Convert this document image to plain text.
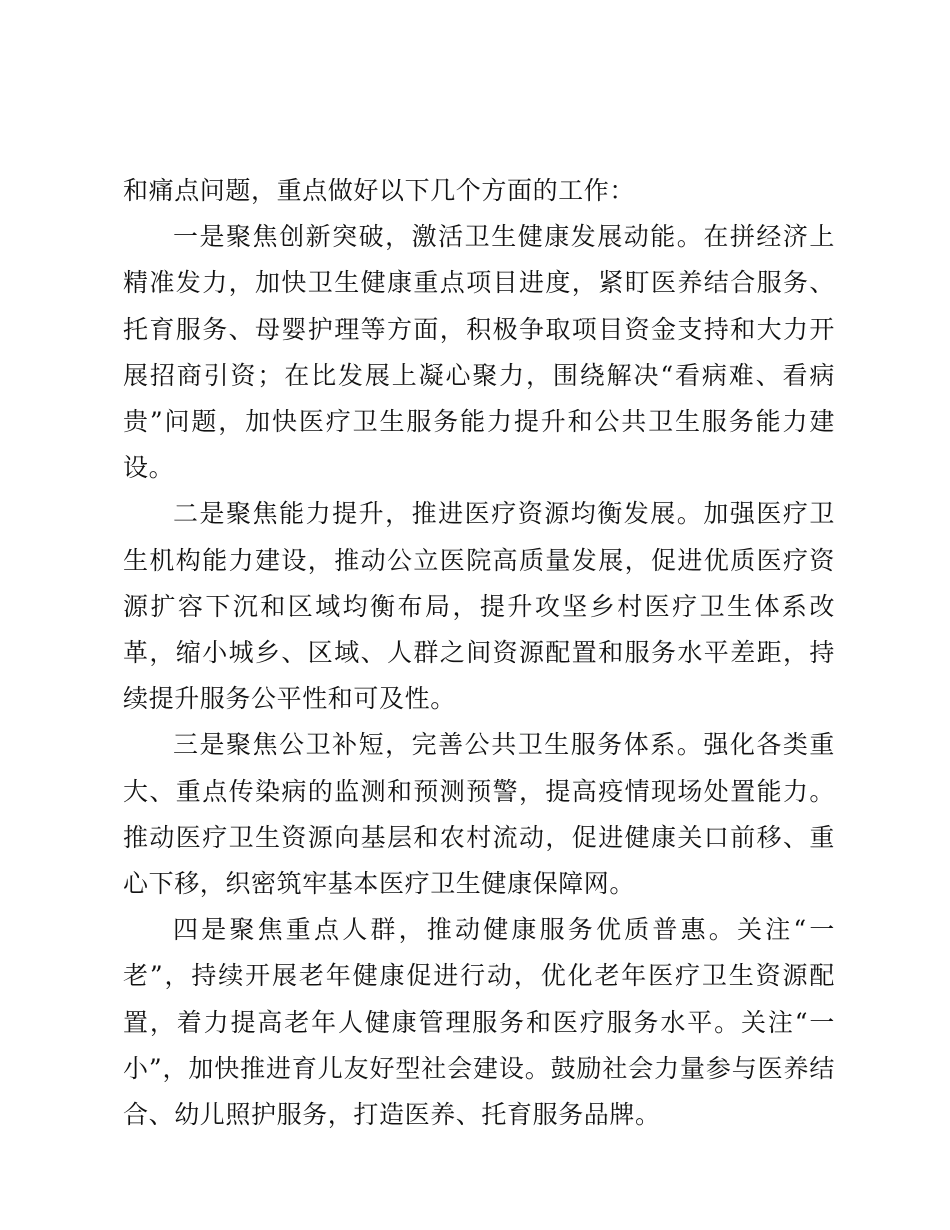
和痛点问题，重点做好以下几个方面的工作：

一是聚焦创新突破，激活卫生健康发展动能。在拼经济上精准发力，加快卫生健康重点项目进度，紧盯医养结合服务、托育服务、母婴护理等方面，积极争取项目资金支持和大力开展招商引资；在比发展上凝心聚力，围绕解决“看病难、看病贵”问题，加快医疗卫生服务能力提升和公共卫生服务能力建设。

二是聚焦能力提升，推进医疗资源均衡发展。加强医疗卫生机构能力建设，推动公立医院高质量发展，促进优质医疗资源扩容下沉和区域均衡布局，提升攻坚乡村医疗卫生体系改革，缩小城乡、区域、人群之间资源配置和服务水平差距，持续提升服务公平性和可及性。

三是聚焦公卫补短，完善公共卫生服务体系。强化各类重大、重点传染病的监测和预测预警，提高疫情现场处置能力。推动医疗卫生资源向基层和农村流动，促进健康关口前移、重心下移，织密筑牢基本医疗卫生健康保障网。

四是聚焦重点人群，推动健康服务优质普惠。关注“一老”，持续开展老年健康促进行动，优化老年医疗卫生资源配置，着力提高老年人健康管理服务和医疗服务水平。关注“一小”，加快推进育儿友好型社会建设。鼓励社会力量参与医养结合、幼儿照护服务，打造医养、托育服务品牌。
